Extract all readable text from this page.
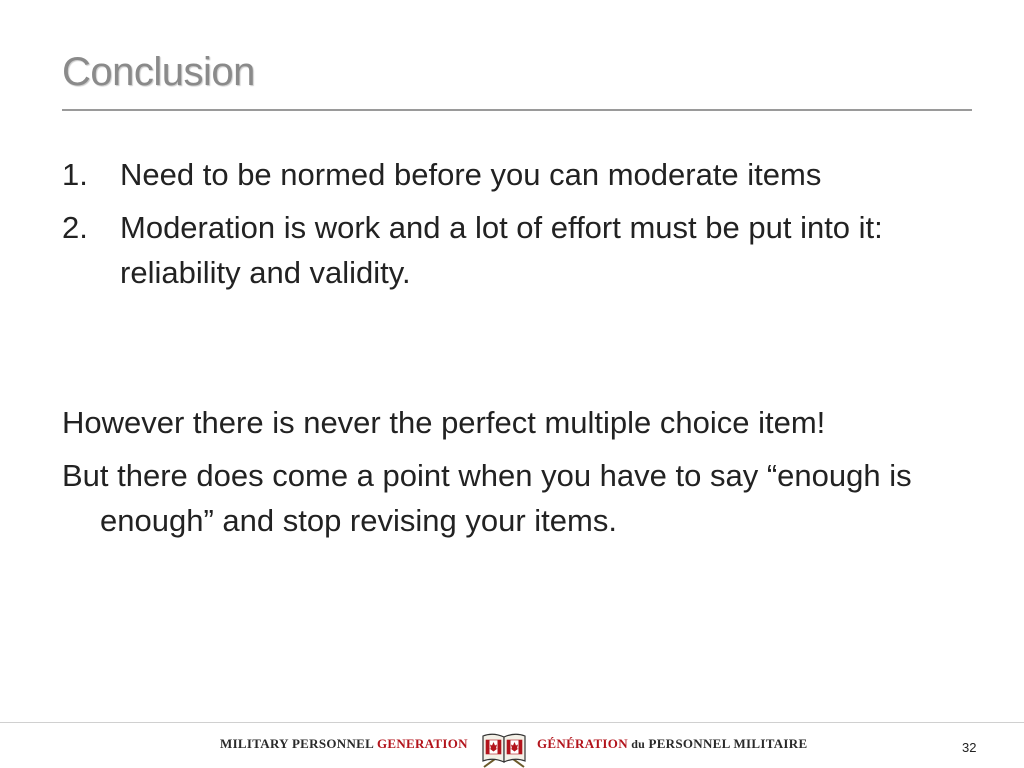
Conclusion
1. Need to be normed before you can moderate items
2. Moderation is work and a lot of effort must be put into it: reliability and validity.
However there is never the perfect multiple choice item!
But there does come a point when you have to say “enough is enough” and stop revising your items.
MILITARY PERSONNEL GENERATION	GÉNÉRATION du PERSONNEL MILITAIRE	32
